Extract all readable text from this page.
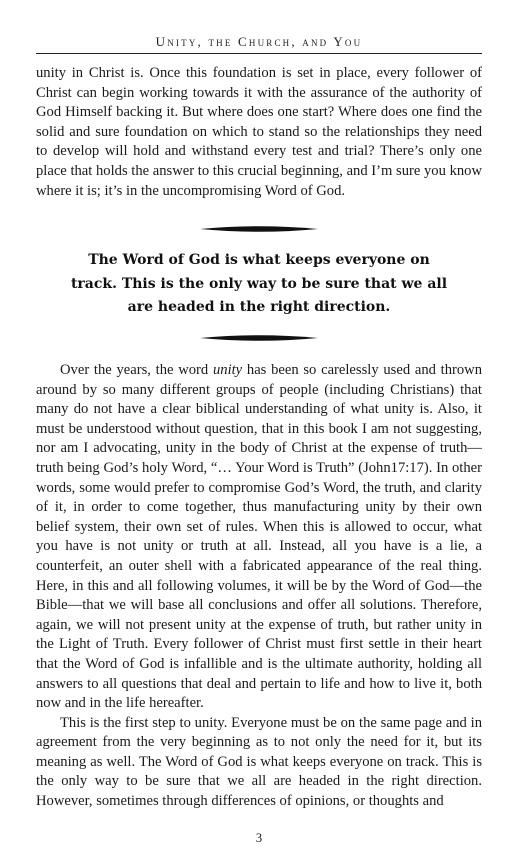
Unity, the Church, and You

unity in Christ is. Once this foundation is set in place, every follower of Christ can begin working towards it with the assurance of the authority of God Himself backing it. But where does one start? Where does one find the solid and sure foundation on which to stand so the relationships they need to develop will hold and withstand every test and trial? There’s only one place that holds the answer to this crucial beginning, and I’m sure you know where it is; it’s in the uncompromising Word of God.

The Word of God is what keeps everyone on track. This is the only way to be sure that we all are headed in the right direction.

Over the years, the word unity has been so carelessly used and thrown around by so many different groups of people (including Christians) that many do not have a clear biblical understanding of what unity is. Also, it must be understood without question, that in this book I am not suggesting, nor am I advocating, unity in the body of Christ at the expense of truth—truth being God’s holy Word, “… Your Word is Truth” (John17:17). In other words, some would prefer to compromise God’s Word, the truth, and clarity of it, in order to come together, thus manufacturing unity by their own belief system, their own set of rules. When this is allowed to occur, what you have is not unity or truth at all. Instead, all you have is a lie, a counterfeit, an outer shell with a fabricated appearance of the real thing. Here, in this and all following volumes, it will be by the Word of God—the Bible—that we will base all conclusions and offer all solutions. Therefore, again, we will not present unity at the expense of truth, but rather unity in the Light of Truth. Every follower of Christ must first settle in their heart that the Word of God is infallible and is the ultimate authority, holding all answers to all questions that deal and pertain to life and how to live it, both now and in the life hereafter.

This is the first step to unity. Everyone must be on the same page and in agreement from the very beginning as to not only the need for it, but its meaning as well. The Word of God is what keeps everyone on track. This is the only way to be sure that we all are headed in the right direction. However, sometimes through differences of opinions, or thoughts and

3
